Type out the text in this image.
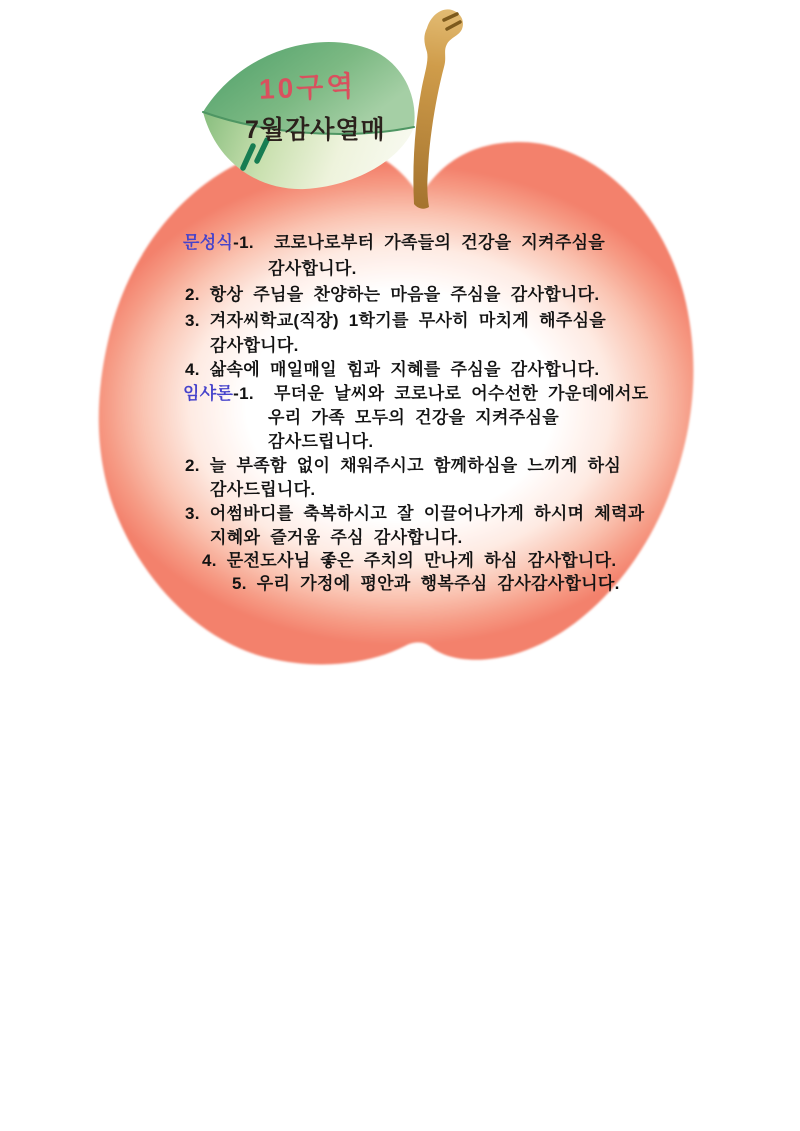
10구역
7월감사열매
문성식-1.  코로나로부터 가족들의 건강을 지켜주심을
감사합니다.
2. 항상 주님을 찬양하는 마음을 주심을 감사합니다.
3. 겨자씨학교(직장) 1학기를 무사히 마치게 해주심을
감사합니다.
4. 삶속에 매일매일 힘과 지혜를 주심을 감사합니다.
임샤론-1.  무더운 날씨와 코로나로 어수선한 가운데에서도
우리 가족 모두의 건강을 지켜주심을
감사드립니다.
2. 늘 부족함 없이 채워주시고 함께하심을 느끼게 하심
감사드립니다.
3. 어썸바디를 축복하시고 잘 이끌어나가게 하시며 체력과
지혜와 즐거움 주심 감사합니다.
4. 문전도사님 좋은 주치의 만나게 하심 감사합니다.
5. 우리 가정에 평안과 행복주심 감사감사합니다.
